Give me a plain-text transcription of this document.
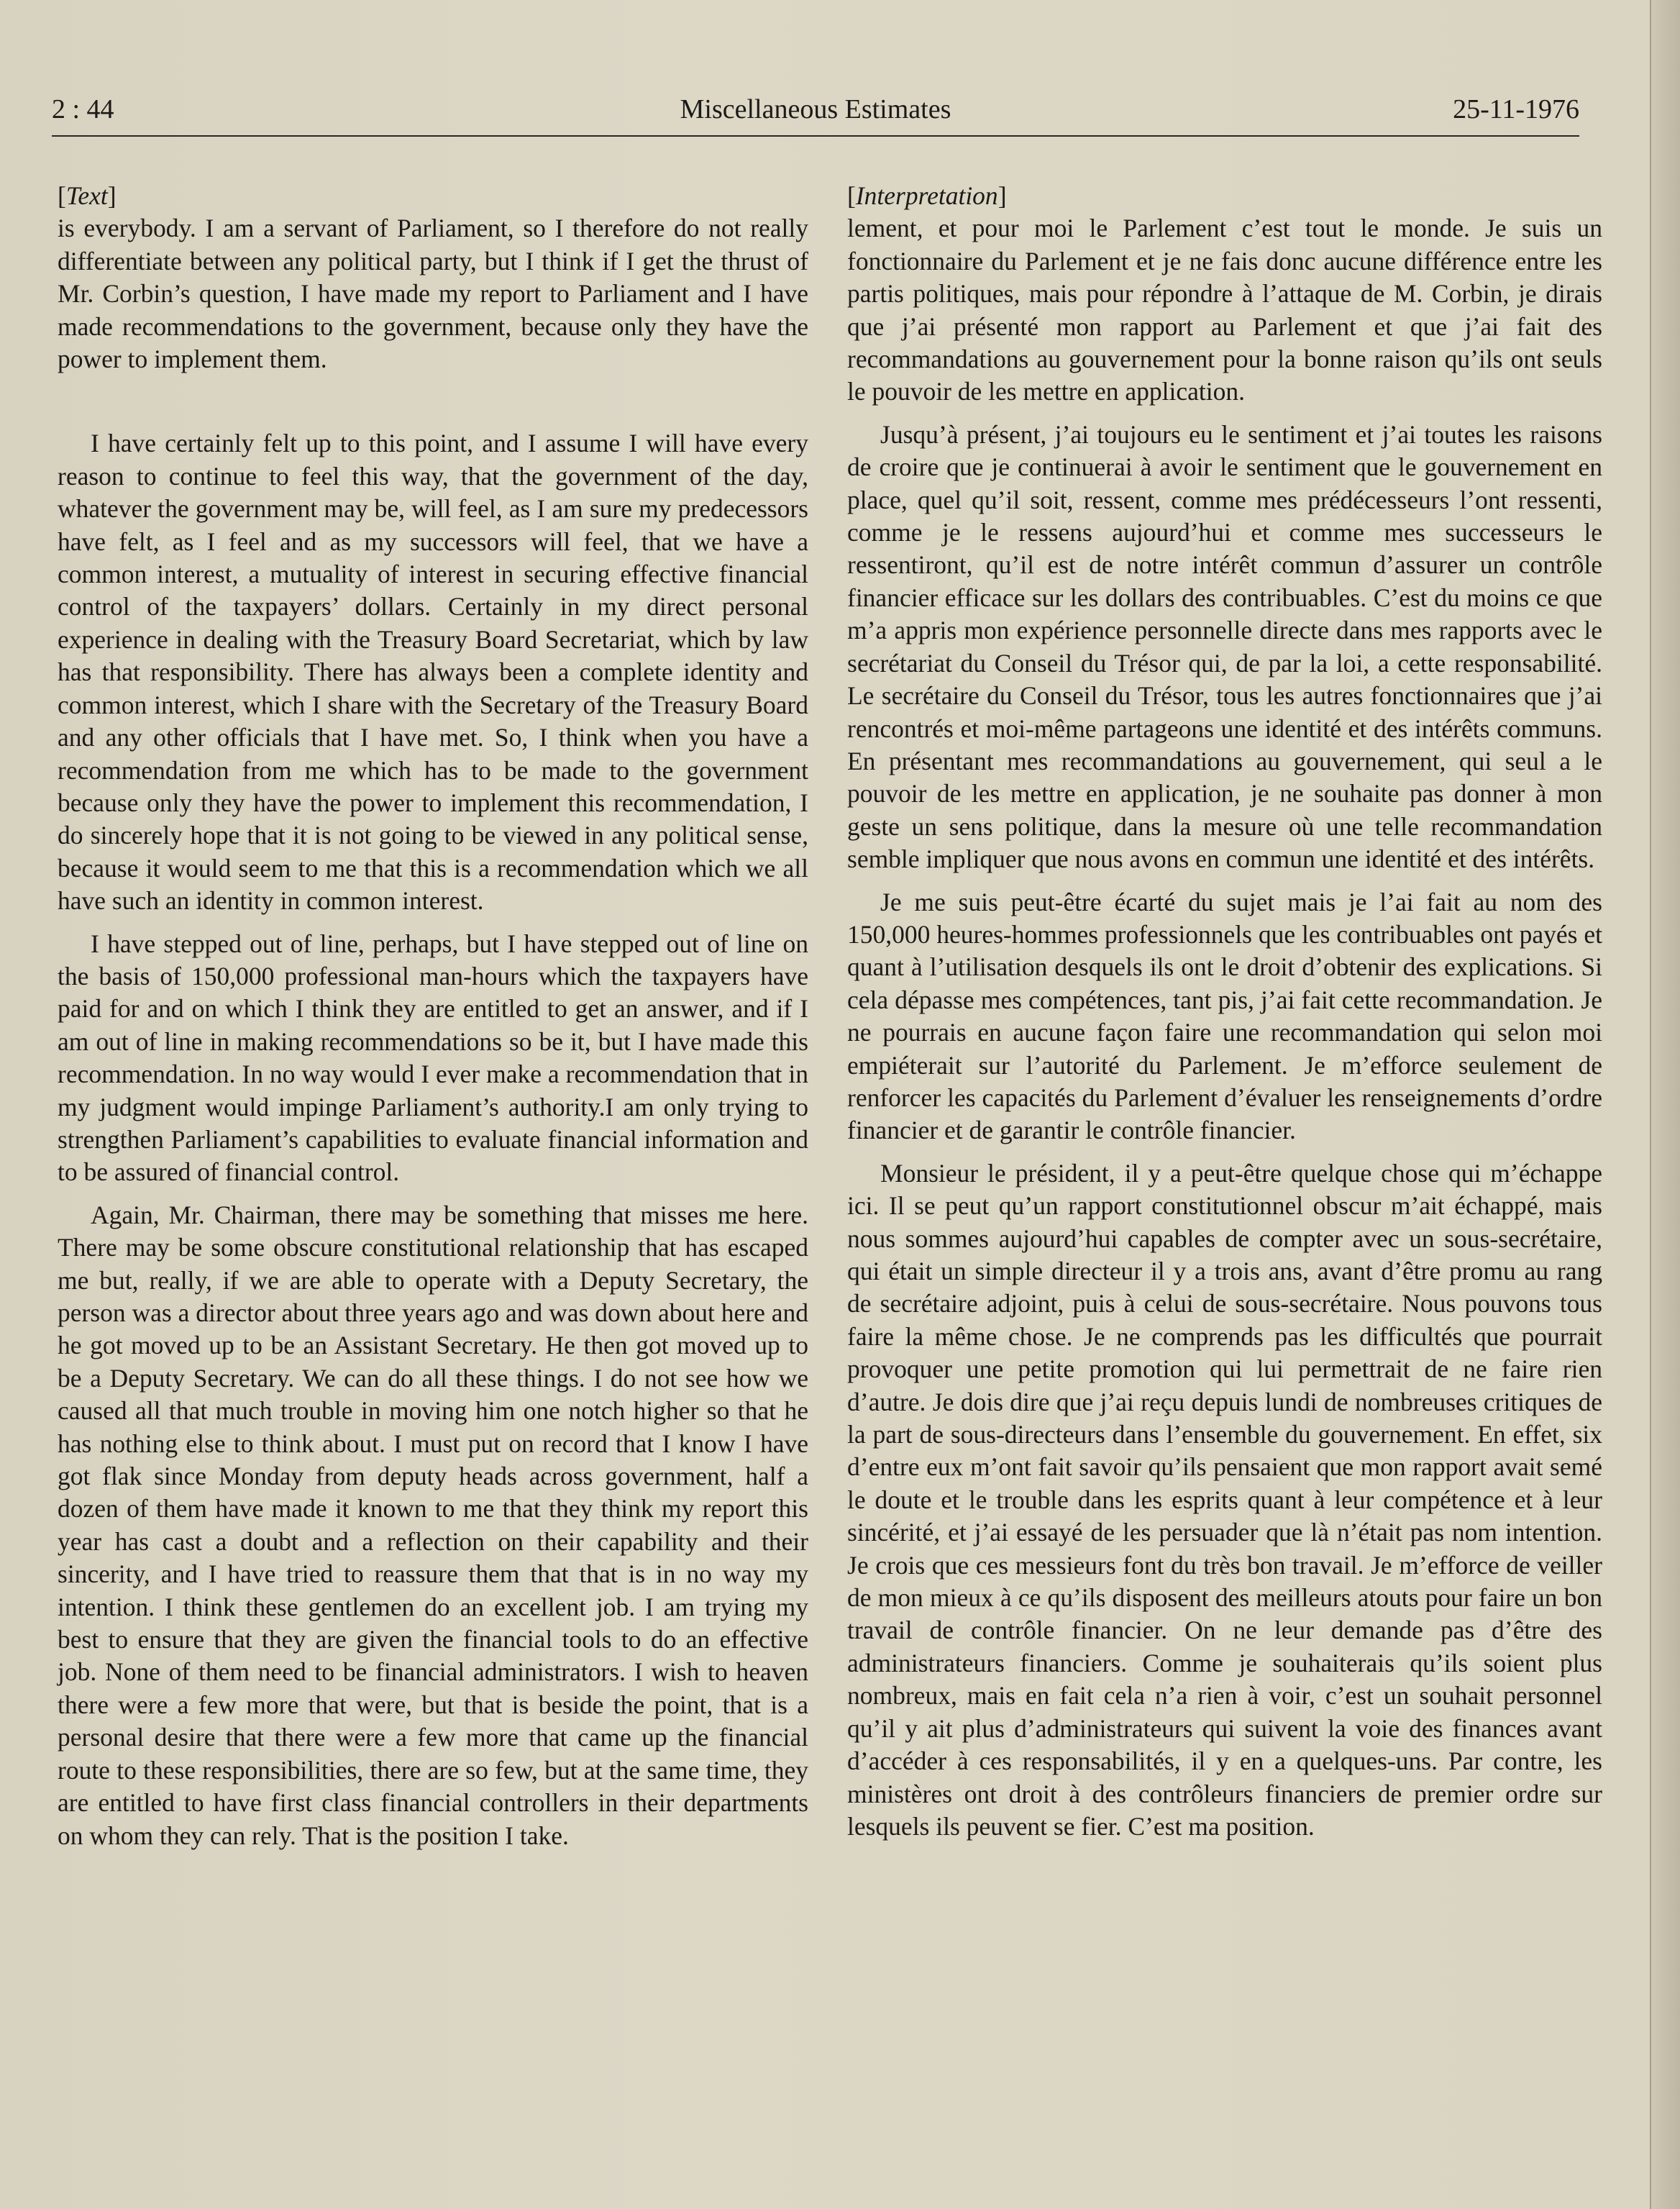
2 : 44	Miscellaneous Estimates	25-11-1976
[Text]

is everybody. I am a servant of Parliament, so I therefore do not really differentiate between any political party, but I think if I get the thrust of Mr. Corbin’s question, I have made my report to Parliament and I have made recommendations to the government, because only they have the power to implement them.

I have certainly felt up to this point, and I assume I will have every reason to continue to feel this way, that the government of the day, whatever the government may be, will feel, as I am sure my predecessors have felt, as I feel and as my successors will feel, that we have a common interest, a mutuality of interest in securing effective financial control of the taxpayers’ dollars. Certainly in my direct personal experience in dealing with the Treasury Board Secretariat, which by law has that responsibility. There has always been a complete identity and common interest, which I share with the Secretary of the Treasury Board and any other officials that I have met. So, I think when you have a recommendation from me which has to be made to the government because only they have the power to implement this recommendation, I do sincerely hope that it is not going to be viewed in any political sense, because it would seem to me that this is a recommendation which we all have such an identity in common interest.

I have stepped out of line, perhaps, but I have stepped out of line on the basis of 150,000 professional man-hours which the taxpayers have paid for and on which I think they are entitled to get an answer, and if I am out of line in making recommendations so be it, but I have made this recommendation. In no way would I ever make a recommendation that in my judgment would impinge Parliament’s authority.I am only trying to strengthen Parliament’s capabilities to evaluate financial information and to be assured of financial control.

Again, Mr. Chairman, there may be something that misses me here. There may be some obscure constitutional relationship that has escaped me but, really, if we are able to operate with a Deputy Secretary, the person was a director about three years ago and was down about here and he got moved up to be an Assistant Secretary. He then got moved up to be a Deputy Secretary. We can do all these things. I do not see how we caused all that much trouble in moving him one notch higher so that he has nothing else to think about. I must put on record that I know I have got flak since Monday from deputy heads across government, half a dozen of them have made it known to me that they think my report this year has cast a doubt and a reflection on their capability and their sincerity, and I have tried to reassure them that that is in no way my intention. I think these gentlemen do an excellent job. I am trying my best to ensure that they are given the financial tools to do an effective job. None of them need to be financial administrators. I wish to heaven there were a few more that were, but that is beside the point, that is a personal desire that there were a few more that came up the financial route to these responsibilities, there are so few, but at the same time, they are entitled to have first class financial controllers in their departments on whom they can rely. That is the position I take.

[Interpretation]

lement, et pour moi le Parlement c’est tout le monde. Je suis un fonctionnaire du Parlement et je ne fais donc aucune différence entre les partis politiques, mais pour répondre à l’attaque de M. Corbin, je dirais que j’ai présenté mon rapport au Parlement et que j’ai fait des recommandations au gouvernement pour la bonne raison qu’ils ont seuls le pouvoir de les mettre en application.

Jusqu’à présent, j’ai toujours eu le sentiment et j’ai toutes les raisons de croire que je continuerai à avoir le sentiment que le gouvernement en place, quel qu’il soit, ressent, comme mes prédécesseurs l’ont ressenti, comme je le ressens aujourd’hui et comme mes successeurs le ressentiront, qu’il est de notre intérêt commun d’assurer un contrôle financier efficace sur les dollars des contribuables. C’est du moins ce que m’a appris mon expérience personnelle directe dans mes rapports avec le secrétariat du Conseil du Trésor qui, de par la loi, a cette responsabilité. Le secrétaire du Conseil du Trésor, tous les autres fonctionnaires que j’ai rencontrés et moi-même partageons une identité et des intérêts communs. En présentant mes recommandations au gouvernement, qui seul a le pouvoir de les mettre en application, je ne souhaite pas donner à mon geste un sens politique, dans la mesure où une telle recommandation semble impliquer que nous avons en commun une identité et des intérêts.

Je me suis peut-être écarté du sujet mais je l’ai fait au nom des 150,000 heures-hommes professionnels que les contribuables ont payés et quant à l’utilisation desquels ils ont le droit d’obtenir des explications. Si cela dépasse mes compétences, tant pis, j’ai fait cette recommandation. Je ne pourrais en aucune façon faire une recommandation qui selon moi empiéterait sur l’autorité du Parlement. Je m’efforce seulement de renforcer les capacités du Parlement d’évaluer les renseignements d’ordre financier et de garantir le contrôle financier.

Monsieur le président, il y a peut-être quelque chose qui m’échappe ici. Il se peut qu’un rapport constitutionnel obscur m’ait échappé, mais nous sommes aujourd’hui capables de compter avec un sous-secrétaire, qui était un simple directeur il y a trois ans, avant d’être promu au rang de secrétaire adjoint, puis à celui de sous-secrétaire. Nous pouvons tous faire la même chose. Je ne comprends pas les difficultés que pourrait provoquer une petite promotion qui lui permettrait de ne faire rien d’autre. Je dois dire que j’ai reçu depuis lundi de nombreuses critiques de la part de sous-directeurs dans l’ensemble du gouvernement. En effet, six d’entre eux m’ont fait savoir qu’ils pensaient que mon rapport avait semé le doute et le trouble dans les esprits quant à leur compétence et à leur sincérité, et j’ai essayé de les persuader que là n’était pas nom intention. Je crois que ces messieurs font du très bon travail. Je m’efforce de veiller de mon mieux à ce qu’ils disposent des meilleurs atouts pour faire un bon travail de contrôle financier. On ne leur demande pas d’être des administrateurs financiers. Comme je souhaiterais qu’ils soient plus nombreux, mais en fait cela n’a rien à voir, c’est un souhait personnel qu’il y ait plus d’administrateurs qui suivent la voie des finances avant d’accéder à ces responsabilités, il y en a quelques-uns. Par contre, les ministères ont droit à des contrôleurs financiers de premier ordre sur lesquels ils peuvent se fier. C’est ma position.
